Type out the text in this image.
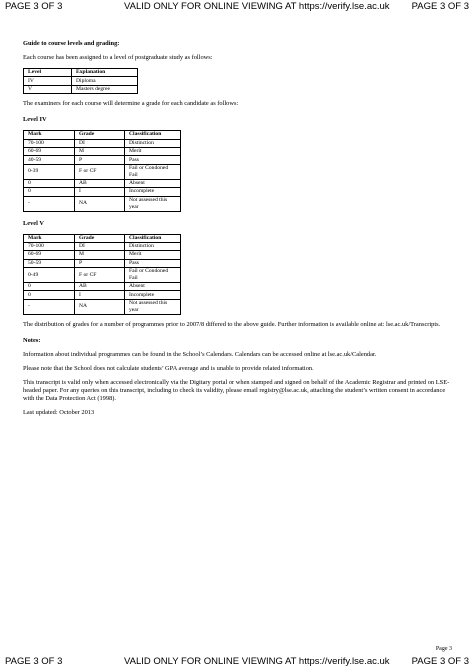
PAGE 3 OF 3	VALID ONLY FOR ONLINE VIEWING AT https://verify.lse.ac.uk PAGE 3 OF 3

Guide to course levels and grading:

Each course has been assigned to a level of postgraduate study as follows:

Level	Explanation
IV	Diploma
V	Masters degree

The examiners for each course will determine a grade for each candidate as follows:

Level IV

Mark	Grade	Classification
70-100	DI	Distinction
60-69	M	Merit
40-59	P	Pass
0-39	F or CF	Fail or Condoned Fail
0	AB	Absent
0	I	Incomplete
-	NA	Not assessed this year

Level V

Mark	Grade	Classification
70-100	DI	Distinction
60-69	M	Merit
50-59	P	Pass
0-49	F or CF	Fail or Condoned Fail
0	AB	Absent
0	I	Incomplete
-	NA	Not assessed this year

The distribution of grades for a number of programmes prior to 2007/8 differed to the above guide. Further information is available online at: lse.ac.uk/Transcripts.

Notes:

Information about individual programmes can be found in the School’s Calendars. Calendars can be accessed online at lse.ac.uk/Calendar.

Please note that the School does not calculate students’ GPA average and is unable to provide related information.

This transcript is valid only when accessed electronically via the Digitary portal or when stamped and signed on behalf of the Academic Registrar and printed on LSE-headed paper. For any queries on this transcript, including to check its validity, please email registry@lse.ac.uk, attaching the student’s written consent in accordance with the Data Protection Act (1998).

Last updated: October 2013

Page 3
PAGE 3 OF 3	VALID ONLY FOR ONLINE VIEWING AT https://verify.lse.ac.uk PAGE 3 OF 3
